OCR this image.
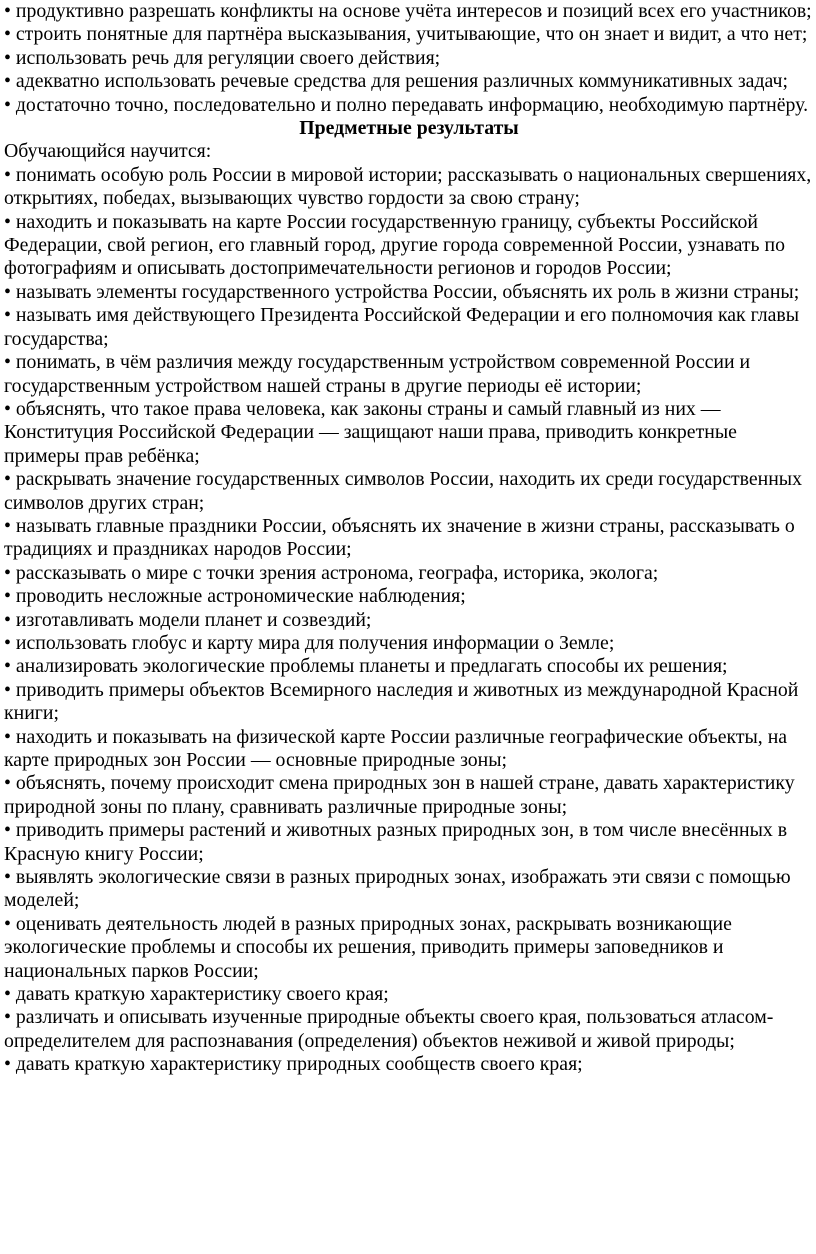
• продуктивно разрешать конфликты на основе учёта интересов и позиций всех его участников;

• строить понятные для партнёра высказывания, учитывающие, что он знает и видит, а что нет;

• использовать речь для регуляции своего действия;

• адекватно использовать речевые средства для решения различных коммуникативных задач;

• достаточно точно, последовательно и полно передавать информацию, необходимую партнёру.

Предметные результаты

Обучающийся научится:

• понимать особую роль России в мировой истории; рассказывать о национальных свершениях, открытиях, победах, вызывающих чувство гордости за свою страну;

• находить и показывать на карте России государственную границу, субъекты Российской Федерации, свой регион, его главный город, другие города современной России, узнавать по фотографиям и описывать достопримечательности регионов и городов России;

• называть элементы государственного устройства России, объяснять их роль в жизни страны;

• называть имя действующего Президента Российской Федерации и его полномочия как главы государства;

• понимать, в чём различия между государственным устройством современной России и государственным устройством нашей страны в другие периоды её истории;

• объяснять, что такое права человека, как законы страны и самый главный из них — Конституция Российской Федерации — защищают наши права, приводить конкретные примеры прав ребёнка;

• раскрывать значение государственных символов России, находить их среди государственных символов других стран;

• называть главные праздники России, объяснять их значение в жизни страны, рассказывать о традициях и праздниках народов России;

• рассказывать о мире с точки зрения астронома, географа, историка, эколога;

• проводить несложные астрономические наблюдения;

• изготавливать модели планет и созвездий;

• использовать глобус и карту мира для получения информации о Земле;

• анализировать экологические проблемы планеты и предлагать способы их решения;

• приводить примеры объектов Всемирного наследия и животных из международной Красной книги;

• находить и показывать на физической карте России различные географические объекты, на карте природных зон России — основные природные зоны;

• объяснять, почему происходит смена природных зон в нашей стране, давать характеристику природной зоны по плану, сравнивать различные природные зоны;

• приводить примеры растений и животных разных природных зон, в том числе внесённых в Красную книгу России;

• выявлять экологические связи в разных природных зонах, изображать эти связи с помощью моделей;

• оценивать деятельность людей в разных природных зонах, раскрывать возникающие экологические проблемы и способы их решения, приводить примеры заповедников и национальных парков России;

• давать краткую характеристику своего края;

• различать и описывать изученные природные объекты своего края, пользоваться атласом-определителем для распознавания (определения) объектов неживой и живой природы;

• давать краткую характеристику природных сообществ своего края;
